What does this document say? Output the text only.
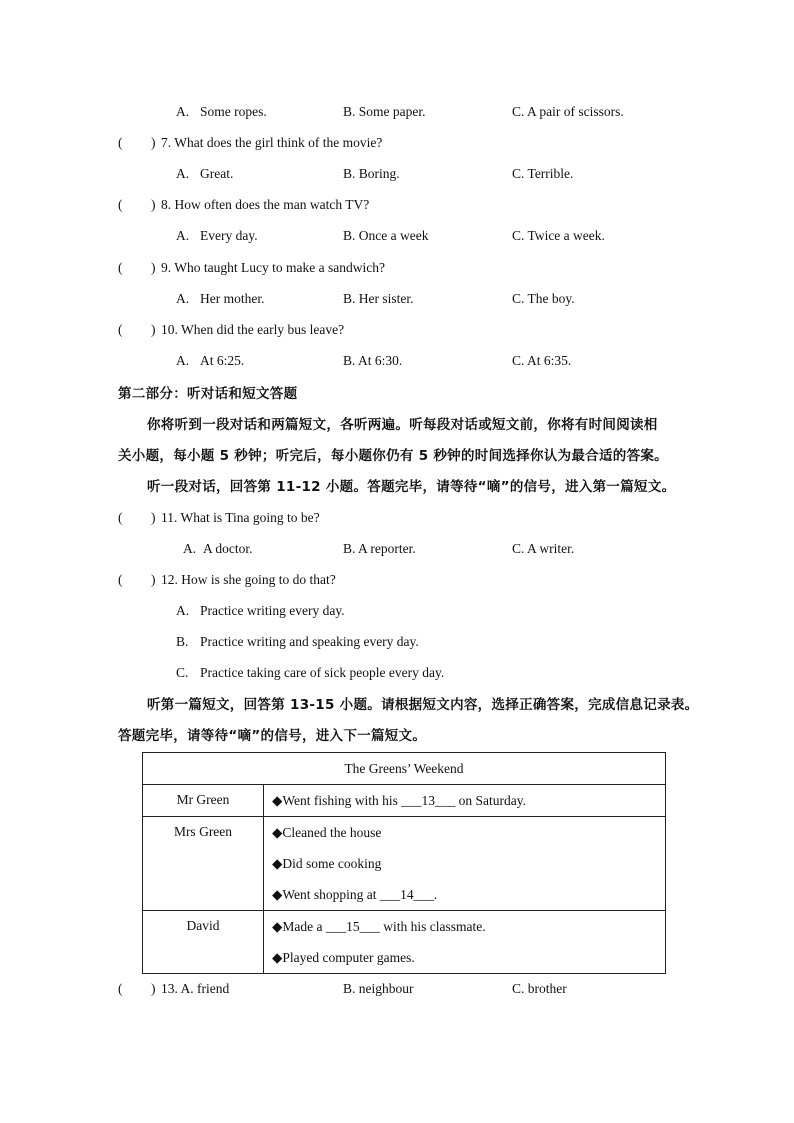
A. Some ropes.	B. Some paper.	C. A pair of scissors.
( ) 7. What does the girl think of the movie?
A. Great.	B. Boring.	C. Terrible.
( ) 8. How often does the man watch TV?
A. Every day.	B. Once a week	C. Twice a week.
( ) 9. Who taught Lucy to make a sandwich?
A. Her mother.	B. Her sister.	C. The boy.
( ) 10. When did the early bus leave?
A. At 6:25.	B. At 6:30.	C. At 6:35.
第二部分：听对话和短文答题
你将听到一段对话和两篇短文，各听两遍。听每段对话或短文前，你将有时间阅读相
关小题，每小题 5 秒钟；听完后，每小题你仍有 5 秒钟的时间选择你认为最合适的答案。
听一段对话，回答第 11-12 小题。答题完毕，请等待“嘀”的信号，进入第一篇短文。
( ) 11. What is Tina going to be?
A. A doctor.	B. A reporter.	C. A writer.
( ) 12. How is she going to do that?
A. Practice writing every day.
B. Practice writing and speaking every day.
C. Practice taking care of sick people every day.
听第一篇短文，回答第 13-15 小题。请根据短文内容，选择正确答案，完成信息记录表。
答题完毕，请等待“嘀”的信号，进入下一篇短文。
The Greens’ Weekend	

Mr Green	◆Went fishing with his ___13___ on Saturday.

Mrs Green	◆Cleaned the house
◆Did some cooking
◆Went shopping at ___14___.

David	◆Made a ___15___ with his classmate.
◆Played computer games.
( ) 13. A. friend	B. neighbour	C. brother
